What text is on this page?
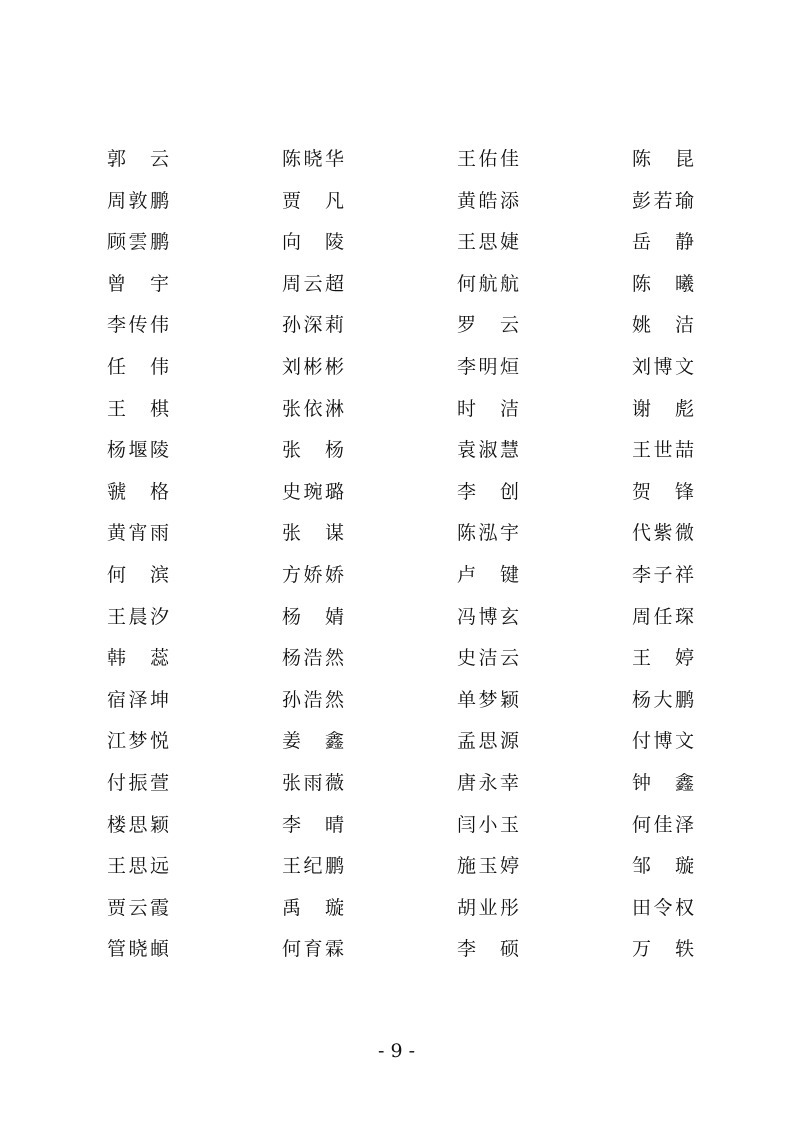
郭 云	陈 晓 华	王 佑 佳	陈 昆
周 敦 鹏	贾 凡	黄 皓 添	彭 若 瑜
顾 雲 鹏	向 陵	王 思 婕	岳 静
曾 宇	周 云 超	何 航 航	陈 曦
李 传 伟	孙 深 莉	罗 云	姚 洁
任 伟	刘 彬 彬	李 明 烜	刘 博 文
王 棋	张 依 淋	时 洁	谢 彪
杨 堰 陵	张 杨	袁 淑 慧	王 世 喆
虢 格	史 琬 璐	李 创	贺 锋
黄 宵 雨	张 谋	陈 泓 宇	代 紫 微
何 滨	方 娇 娇	卢 键	李 子 祥
王 晨 汐	杨 婧	冯 博 玄	周 任 琛
韩 蕊	杨 浩 然	史 洁 云	王 婷
宿 泽 坤	孙 浩 然	单 梦 颖	杨 大 鹏
江 梦 悦	姜 鑫	孟 思 源	付 博 文
付 振 萱	张 雨 薇	唐 永 幸	钟 鑫
楼 思 颖	李 晴	闫 小 玉	何 佳 泽
王 思 远	王 纪 鹏	施 玉 婷	邹 璇
贾 云 霞	禹 璇	胡 业 彤	田 令 权
管 晓 頔	何 育 霖	李 硕	万 轶
- 9 -
